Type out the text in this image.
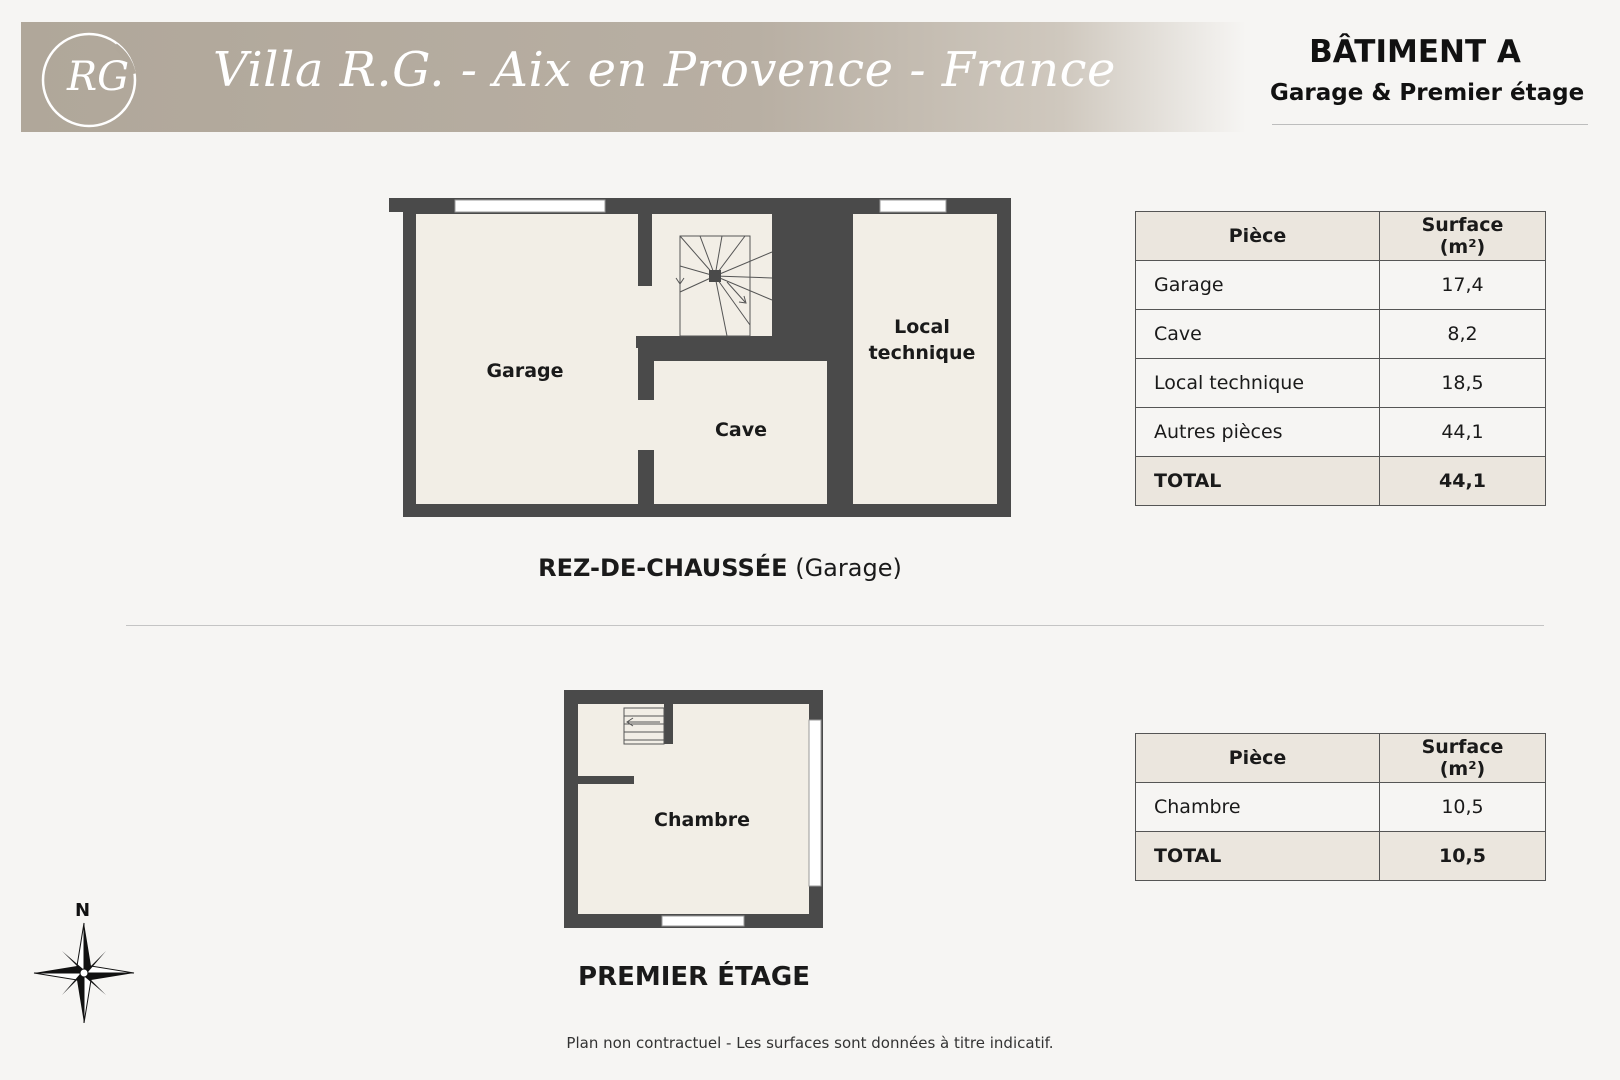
RG Villa R.G. - Aix en Provence - France	BÂTIMENT A
Garage & Premier étage
Garage
Cave
Local
technique
Chambre
REZ-DE-CHAUSSÉE (Garage)
PREMIER ÉTAGE
Pièce	Surface (m²)
Garage	17,4
Cave	8,2
Local technique	18,5
Autres pièces	44,1
TOTAL	44,1
Pièce	Surface (m²)
Chambre	10,5
TOTAL	10,5
N
Plan non contractuel - Les surfaces sont données à titre indicatif.
